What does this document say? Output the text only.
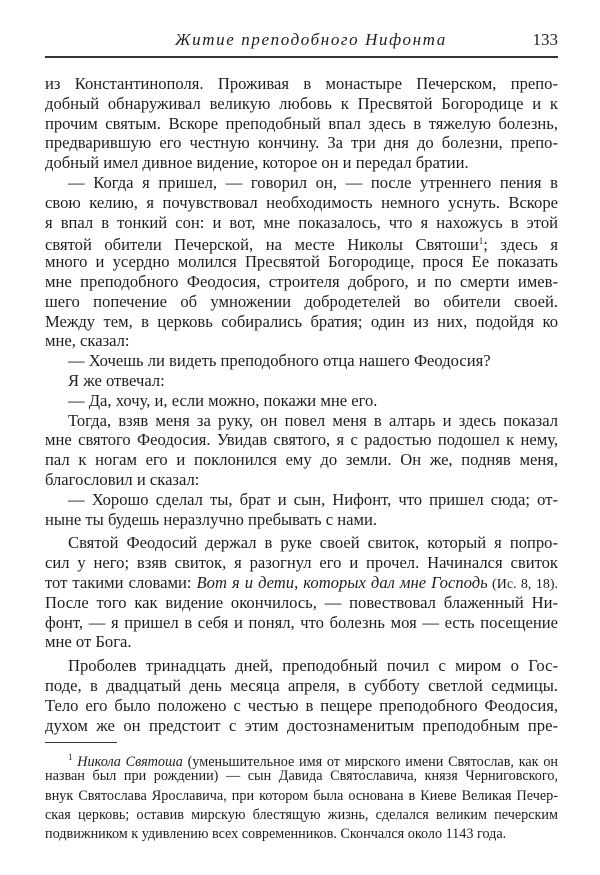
Житие преподобного Нифонта	133
из Константинополя. Проживая в монастыре Печерском, препо-
добный обнаруживал великую любовь к Пресвятой Богородице и к
прочим святым. Вскоре преподобный впал здесь в тяжелую болезнь,
предварившую его честную кончину. За три дня до болезни, препо-
добный имел дивное видение, которое он и передал братии.
— Когда я пришел, — говорил он, — после утреннего пения в
свою келию, я почувствовал необходимость немного уснуть. Вскоре
я впал в тонкий сон: и вот, мне показалось, что я нахожусь в этой
святой обители Печерской, на месте Николы Святоши$^1$; здесь я
много и усердно молился Пресвятой Богородице, прося Ее показать
мне преподобного Феодосия, строителя доброго, и по смерти имев-
шего попечение об умножении добродетелей во обители своей.
Между тем, в церковь собирались братия; один из них, подойдя ко
мне, сказал:
— Хочешь ли видеть преподобного отца нашего Феодосия?
Я же отвечал:
— Да, хочу, и, если можно, покажи мне его.
Тогда, взяв меня за руку, он повел меня в алтарь и здесь показал
мне святого Феодосия. Увидав святого, я с радостью подошел к нему,
пал к ногам его и поклонился ему до земли. Он же, подняв меня,
благословил и сказал:
— Хорошо сделал ты, брат и сын, Нифонт, что пришел сюда; от-
ныне ты будешь неразлучно пребывать с нами.
Святой Феодосий держал в руке своей свиток, который я попро-
сил у него; взяв свиток, я разогнул его и прочел. Начинался свиток
тот такими словами: Вот я и дети, которых дал мне Господь (Ис. 8, 18).
После того как видение окончилось, — повествовал блаженный Ни-
фонт, — я пришел в себя и понял, что болезнь моя — есть посещение
мне от Бога.
Проболев тринадцать дней, преподобный почил с миром о Гос-
поде, в двадцатый день месяца апреля, в субботу светлой седмицы.
Тело его было положено с честью в пещере преподобного Феодосия,
духом же он предстоит с этим достознаменитым преподобным пре-
$^1$ Никола Святоша (уменьшительное имя от мирского имени Святослав, как он
назван был при рождении) — сын Давида Святославича, князя Черниговского,
внук Святослава Ярославича, при котором была основана в Киеве Великая Печер-
ская церковь; оставив мирскую блестящую жизнь, сделался великим печерским
подвижником к удивлению всех современников. Скончался около 1143 года.
